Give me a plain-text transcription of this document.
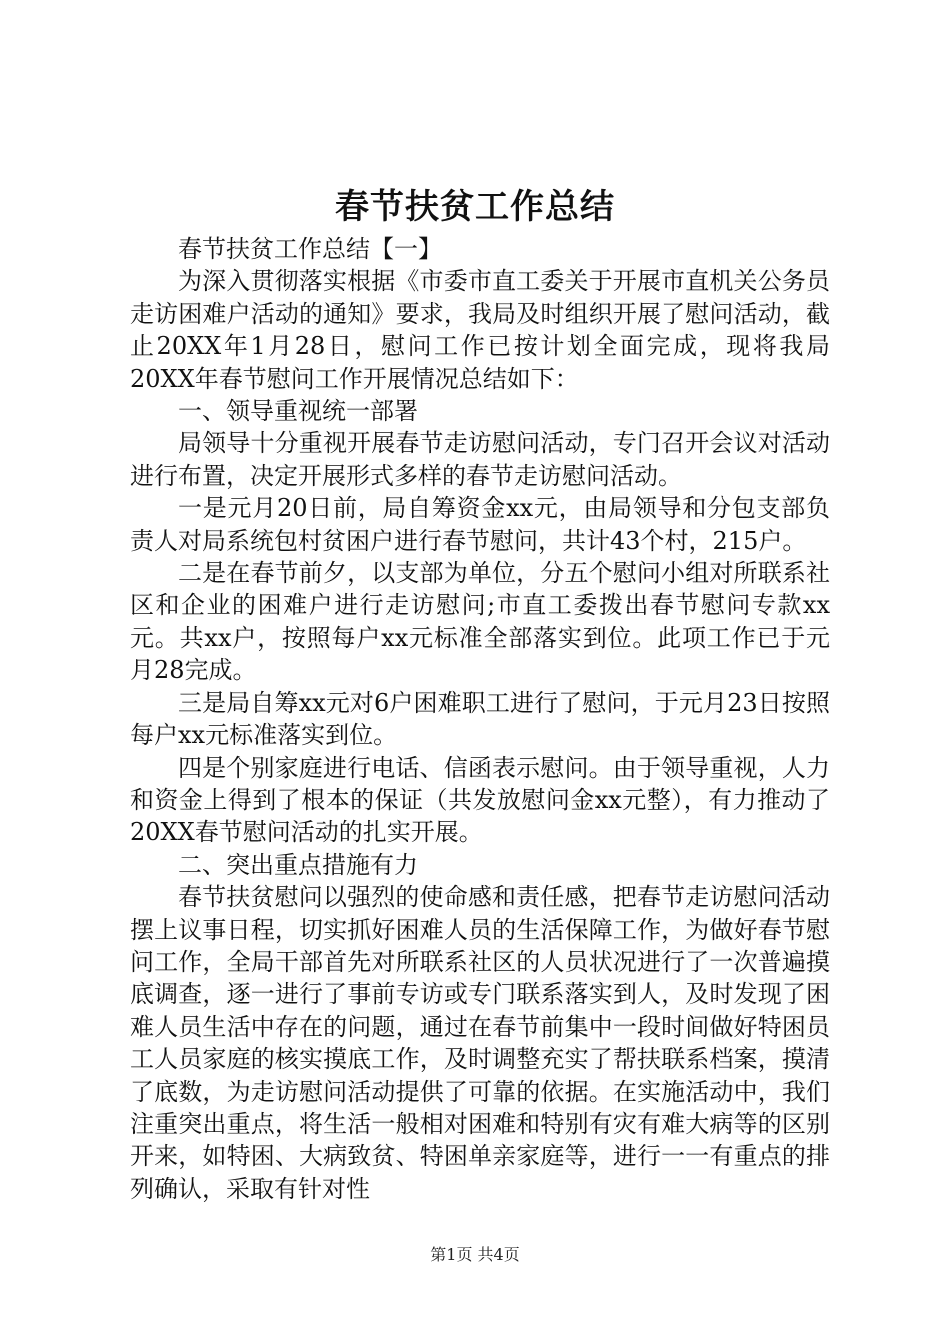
春节扶贫工作总结

春节扶贫工作总结【一】

为深入贯彻落实根据《市委市直工委关于开展市直机关公务员走访困难户活动的通知》要求，我局及时组织开展了慰问活动，截止20XX年1月28日，慰问工作已按计划全面完成，现将我局20XX年春节慰问工作开展情况总结如下：

一、领导重视统一部署

局领导十分重视开展春节走访慰问活动，专门召开会议对活动进行布置，决定开展形式多样的春节走访慰问活动。

一是元月20日前，局自筹资金xx元，由局领导和分包支部负责人对局系统包村贫困户进行春节慰问，共计43个村，215户。

二是在春节前夕，以支部为单位，分五个慰问小组对所联系社区和企业的困难户进行走访慰问;市直工委拨出春节慰问专款xx元。共xx户，按照每户xx元标准全部落实到位。此项工作已于元月28完成。

三是局自筹xx元对6户困难职工进行了慰问，于元月23日按照每户xx元标准落实到位。

四是个别家庭进行电话、信函表示慰问。由于领导重视，人力和资金上得到了根本的保证（共发放慰问金xx元整），有力推动了20XX春节慰问活动的扎实开展。

二、突出重点措施有力

春节扶贫慰问以强烈的使命感和责任感，把春节走访慰问活动摆上议事日程，切实抓好困难人员的生活保障工作，为做好春节慰问工作，全局干部首先对所联系社区的人员状况进行了一次普遍摸底调查，逐一进行了事前专访或专门联系落实到人，及时发现了困难人员生活中存在的问题，通过在春节前集中一段时间做好特困员工人员家庭的核实摸底工作，及时调整充实了帮扶联系档案，摸清了底数，为走访慰问活动提供了可靠的依据。在实施活动中，我们注重突出重点，将生活一般相对困难和特别有灾有难大病等的区别开来，如特困、大病致贫、特困单亲家庭等，进行一一有重点的排列确认，采取有针对性

第1页 共4页
